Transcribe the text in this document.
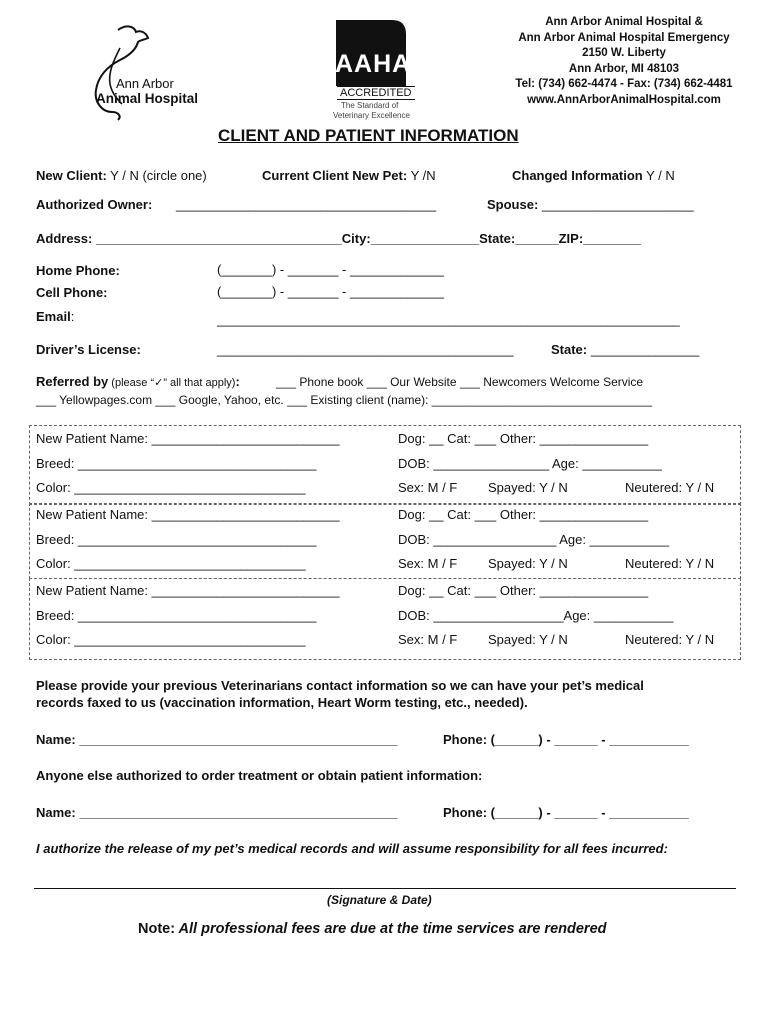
Ann Arbor
Animal Hospital
AAHA
ACCREDITED
The Standard of
Veterinary Excellence
Ann Arbor Animal Hospital &
Ann Arbor Animal Hospital Emergency
2150 W. Liberty
Ann Arbor, MI 48103
Tel: (734) 662-4474 - Fax: (734) 662-4481
www.AnnArborAnimalHospital.com
CLIENT AND PATIENT INFORMATION
New Client: Y / N (circle one)	Current Client New Pet: Y /N	Changed Information Y / N
Authorized Owner: ____________________________________	Spouse: _____________________
Address: __________________________________City:_______________State:______ZIP:________
Home Phone:	(_______) - _______ - _____________
Cell Phone:	(_______) - _______ - _____________
Email:	________________________________________________________________
Driver’s License:	_________________________________________	State: _______________
Referred by (please “✓” all that apply):	___ Phone book ___ Our Website ___ Newcomers Welcome Service
___ Yellowpages.com ___ Google, Yahoo, etc. ___ Existing client (name): _________________________________
New Patient Name: __________________________	Dog: __ Cat: ___ Other: _______________
Breed: _________________________________	DOB: ________________ Age: ___________
Color: ________________________________	Sex: M / F Spayed: Y / N	Neutered: Y / N
New Patient Name: __________________________	Dog: __ Cat: ___ Other: _______________
Breed: _________________________________	DOB: _________________ Age: ___________
Color: ________________________________	Sex: M / F Spayed: Y / N	Neutered: Y / N
New Patient Name: __________________________	Dog: __ Cat: ___ Other: _______________
Breed: _________________________________	DOB: __________________Age: ___________
Color: ________________________________	Sex: M / F Spayed: Y / N	Neutered: Y / N
Please provide your previous Veterinarians contact information so we can have your pet’s medical
records faxed to us (vaccination information, Heart Worm testing, etc., needed).
Name: ____________________________________________	Phone: (______) - ______ - ___________
Anyone else authorized to order treatment or obtain patient information:
Name: ____________________________________________	Phone: (______) - ______ - ___________
I authorize the release of my pet’s medical records and will assume responsibility for all fees incurred:
(Signature & Date)
Note: All professional fees are due at the time services are rendered
